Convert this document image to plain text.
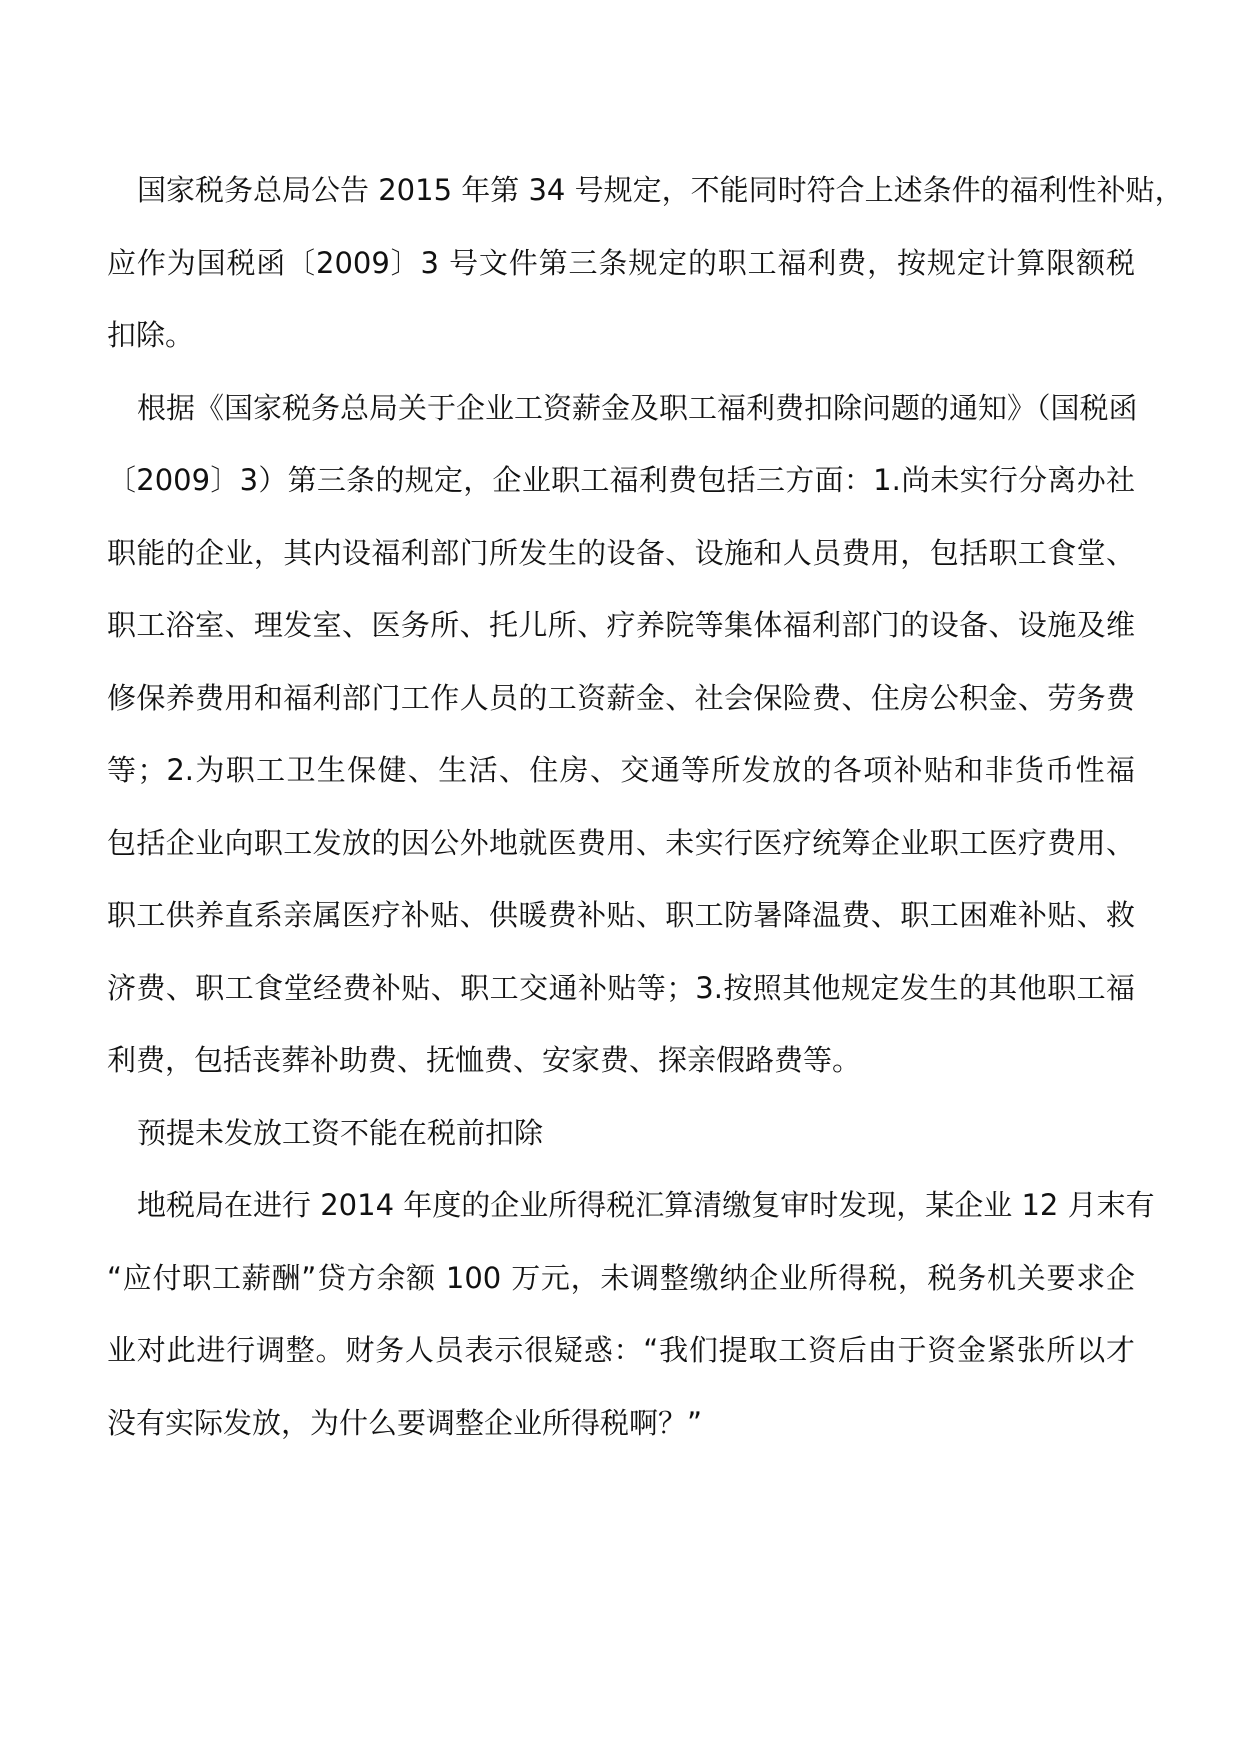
国家税务总局公告 2015 年第 34 号规定，不能同时符合上述条件的福利性补贴，
应作为国税函〔2009〕3 号文件第三条规定的职工福利费，按规定计算限额税
扣除。

根据《国家税务总局关于企业工资薪金及职工福利费扣除问题的通知》（国税函
〔2009〕3）第三条的规定，企业职工福利费包括三方面：1.尚未实行分离办社
职能的企业，其内设福利部门所发生的设备、设施和人员费用，包括职工食堂、
职工浴室、理发室、医务所、托儿所、疗养院等集体福利部门的设备、设施及维
修保养费用和福利部门工作人员的工资薪金、社会保险费、住房公积金、劳务费
等；2.为职工卫生保健、生活、住房、交通等所发放的各项补贴和非货币性福
包括企业向职工发放的因公外地就医费用、未实行医疗统筹企业职工医疗费用、
职工供养直系亲属医疗补贴、供暖费补贴、职工防暑降温费、职工困难补贴、救
济费、职工食堂经费补贴、职工交通补贴等；3.按照其他规定发生的其他职工福
利费，包括丧葬补助费、抚恤费、安家费、探亲假路费等。

预提未发放工资不能在税前扣除

地税局在进行 2014 年度的企业所得税汇算清缴复审时发现，某企业 12 月末有
“应付职工薪酬”贷方余额 100 万元，未调整缴纳企业所得税，税务机关要求企
业对此进行调整。财务人员表示很疑惑：“我们提取工资后由于资金紧张所以才
没有实际发放，为什么要调整企业所得税啊？”
